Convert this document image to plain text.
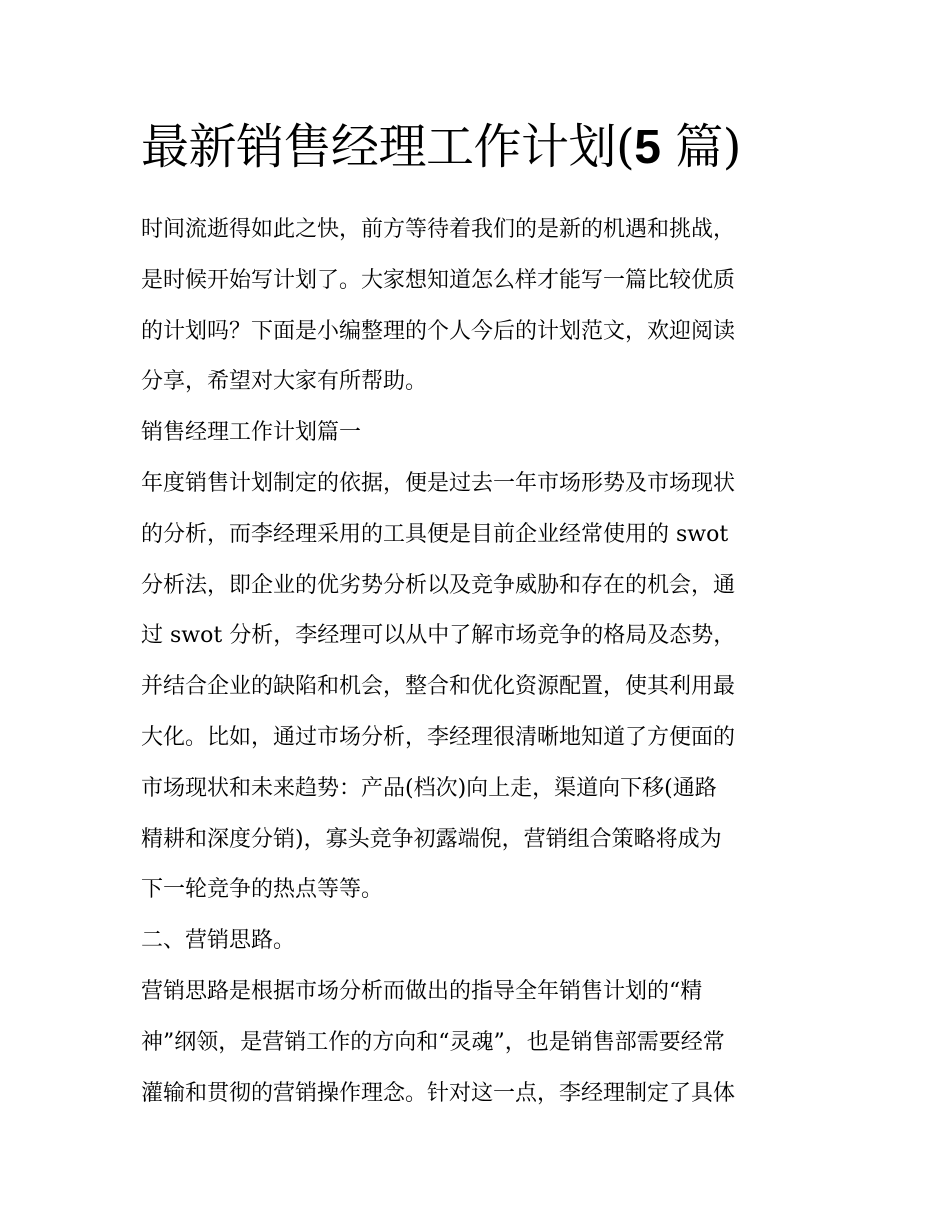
最新销售经理工作计划(5 篇)
时间流逝得如此之快，前方等待着我们的是新的机遇和挑战，
是时候开始写计划了。大家想知道怎么样才能写一篇比较优质
的计划吗？下面是小编整理的个人今后的计划范文，欢迎阅读
分享，希望对大家有所帮助。
销售经理工作计划篇一
年度销售计划制定的依据，便是过去一年市场形势及市场现状
的分析，而李经理采用的工具便是目前企业经常使用的 swot
分析法，即企业的优劣势分析以及竞争威胁和存在的机会，通
过 swot 分析，李经理可以从中了解市场竞争的格局及态势，
并结合企业的缺陷和机会，整合和优化资源配置，使其利用最
大化。比如，通过市场分析，李经理很清晰地知道了方便面的
市场现状和未来趋势：产品(档次)向上走，渠道向下移(通路
精耕和深度分销)，寡头竞争初露端倪，营销组合策略将成为
下一轮竞争的热点等等。
二、营销思路。
营销思路是根据市场分析而做出的指导全年销售计划的“精
神”纲领，是营销工作的方向和“灵魂”，也是销售部需要经常
灌输和贯彻的营销操作理念。针对这一点，李经理制定了具体
